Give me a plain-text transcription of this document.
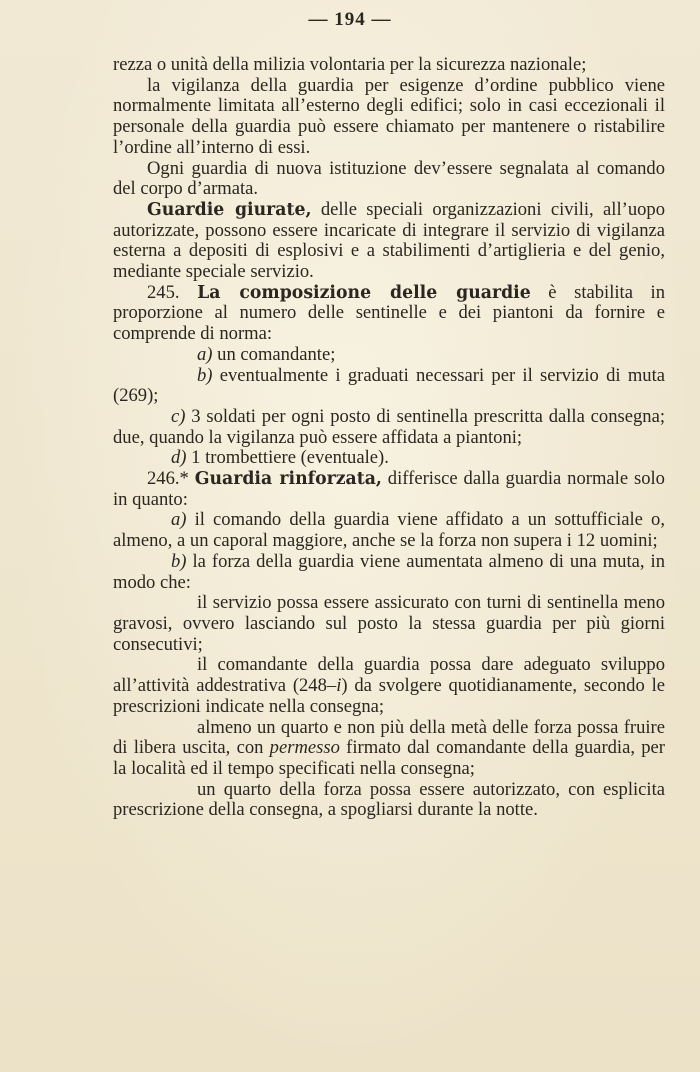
— 194 —

rezza o unità della milizia volontaria per la sicurezza nazionale;

la vigilanza della guardia per esigenze d’ordine pubblico viene normalmente limitata all’esterno degli edifici; solo in casi eccezionali il personale della guardia può essere chiamato per mantenere o ristabilire l’ordine all’interno di essi.

Ogni guardia di nuova istituzione dev’essere segnalata al comando del corpo d’armata.

Guardie giurate, delle speciali organizzazioni civili, all’uopo autorizzate, possono essere incaricate di integrare il servizio di vigilanza esterna a depositi di esplosivi e a stabilimenti d’artiglieria e del genio, mediante speciale servizio.

245. La composizione delle guardie è stabilita in proporzione al numero delle sentinelle e dei piantoni da fornire e comprende di norma:

a) un comandante;

b) eventualmente i graduati necessari per il servizio di muta (269);

c) 3 soldati per ogni posto di sentinella prescritta dalla consegna; due, quando la vigilanza può essere affidata a piantoni;

d) 1 trombettiere (eventuale).

246.* Guardia rinforzata, differisce dalla guardia normale solo in quanto:

a) il comando della guardia viene affidato a un sottufficiale o, almeno, a un caporal maggiore, anche se la forza non supera i 12 uomini;

b) la forza della guardia viene aumentata almeno di una muta, in modo che:

il servizio possa essere assicurato con turni di sentinella meno gravosi, ovvero lasciando sul posto la stessa guardia per più giorni consecutivi;

il comandante della guardia possa dare adeguato sviluppo all’attività addestrativa (248–i) da svolgere quotidianamente, secondo le prescrizioni indicate nella consegna;

almeno un quarto e non più della metà delle forza possa fruire di libera uscita, con permesso firmato dal comandante della guardia, per la località ed il tempo specificati nella consegna;

un quarto della forza possa essere autorizzato, con esplicita prescrizione della consegna, a spogliarsi durante la notte.
